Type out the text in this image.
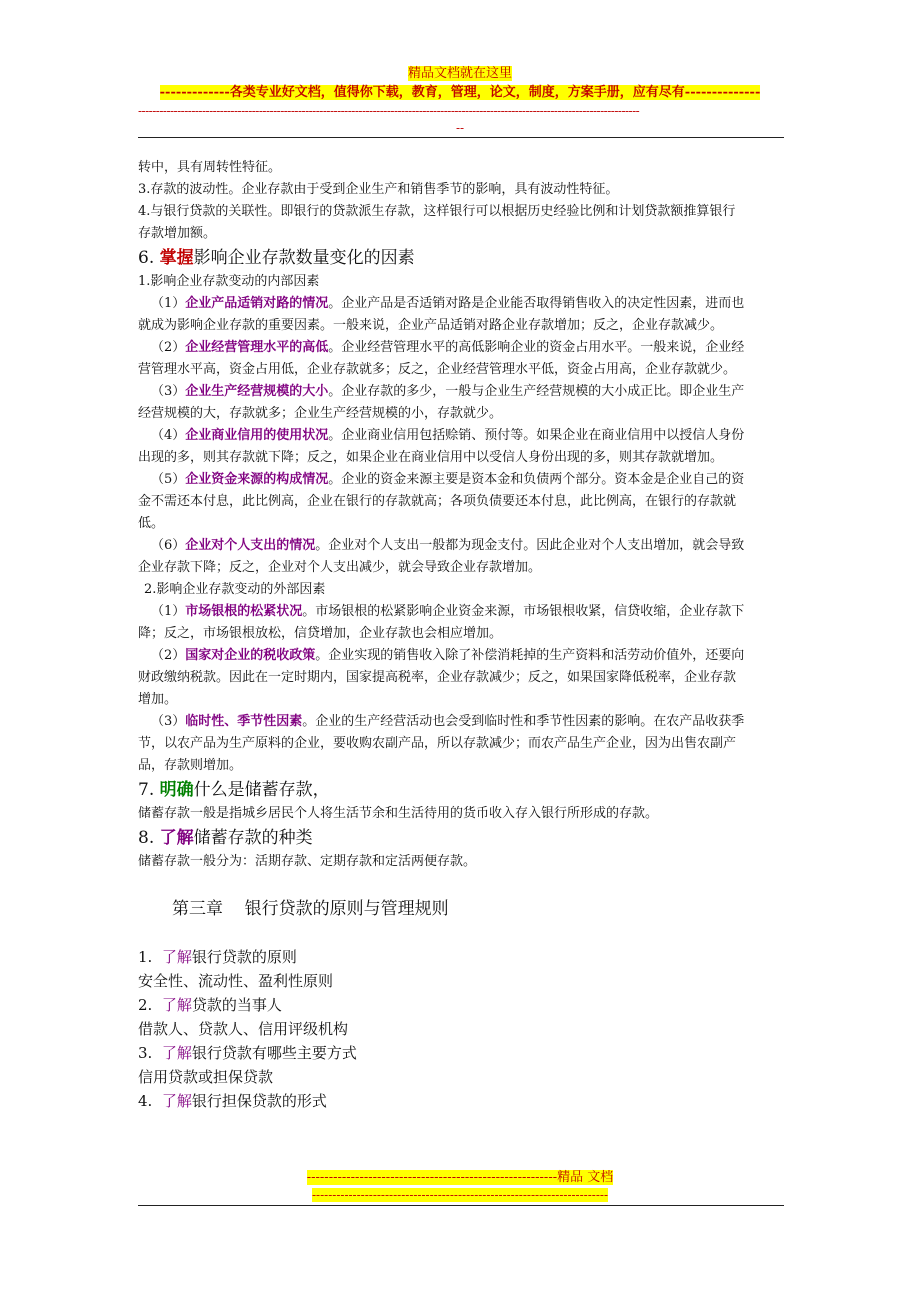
精品文档就在这里
-------------各类专业好文档，值得你下载，教育，管理，论文，制度，方案手册，应有尽有--------------
---------------------------------------------------------------------------------------------------------------------------------------------
--

转中，具有周转性特征。

3.存款的波动性。企业存款由于受到企业生产和销售季节的影响，具有波动性特征。

4.与银行贷款的关联性。即银行的贷款派生存款，这样银行可以根据历史经验比例和计划贷款额推算银行

存款增加额。

6. 掌握影响企业存款数量变化的因素

1.影响企业存款变动的内部因素

（1）企业产品适销对路的情况。企业产品是否适销对路是企业能否取得销售收入的决定性因素，进而也

就成为影响企业存款的重要因素。一般来说，企业产品适销对路企业存款增加；反之，企业存款减少。

（2）企业经营管理水平的高低。企业经营管理水平的高低影响企业的资金占用水平。一般来说，企业经

营管理水平高，资金占用低，企业存款就多；反之，企业经营管理水平低，资金占用高，企业存款就少。

（3）企业生产经营规模的大小。企业存款的多少，一般与企业生产经营规模的大小成正比。即企业生产

经营规模的大，存款就多；企业生产经营规模的小，存款就少。

（4）企业商业信用的使用状况。企业商业信用包括赊销、预付等。如果企业在商业信用中以授信人身份

出现的多，则其存款就下降；反之，如果企业在商业信用中以受信人身份出现的多，则其存款就增加。

（5）企业资金来源的构成情况。企业的资金来源主要是资本金和负债两个部分。资本金是企业自己的资

金不需还本付息，此比例高，企业在银行的存款就高；各项负债要还本付息，此比例高，在银行的存款就

低。

（6）企业对个人支出的情况。企业对个人支出一般都为现金支付。因此企业对个人支出增加，就会导致

企业存款下降；反之，企业对个人支出减少，就会导致企业存款增加。

2.影响企业存款变动的外部因素

（1）市场银根的松紧状况。市场银根的松紧影响企业资金来源，市场银根收紧，信贷收缩，企业存款下

降；反之，市场银根放松，信贷增加，企业存款也会相应增加。

（2）国家对企业的税收政策。企业实现的销售收入除了补偿消耗掉的生产资料和活劳动价值外，还要向

财政缴纳税款。因此在一定时期内，国家提高税率，企业存款减少；反之，如果国家降低税率，企业存款

增加。

（3）临时性、季节性因素。企业的生产经营活动也会受到临时性和季节性因素的影响。在农产品收获季

节，以农产品为生产原料的企业，要收购农副产品，所以存款减少；而农产品生产企业，因为出售农副产

品，存款则增加。

7. 明确什么是储蓄存款，

储蓄存款一般是指城乡居民个人将生活节余和生活待用的货币收入存入银行所形成的存款。

8. 了解储蓄存款的种类

储蓄存款一般分为：活期存款、定期存款和定活两便存款。

第三章    银行贷款的原则与管理规则

1. 了解银行贷款的原则

安全性、流动性、盈利性原则

2. 了解贷款的当事人

借款人、贷款人、信用评级机构

3. 了解银行贷款有哪些主要方式

信用贷款或担保贷款

4. 了解银行担保贷款的形式

---------------------------------------------------------精品 文档
-------------------------------------------------------------------------
